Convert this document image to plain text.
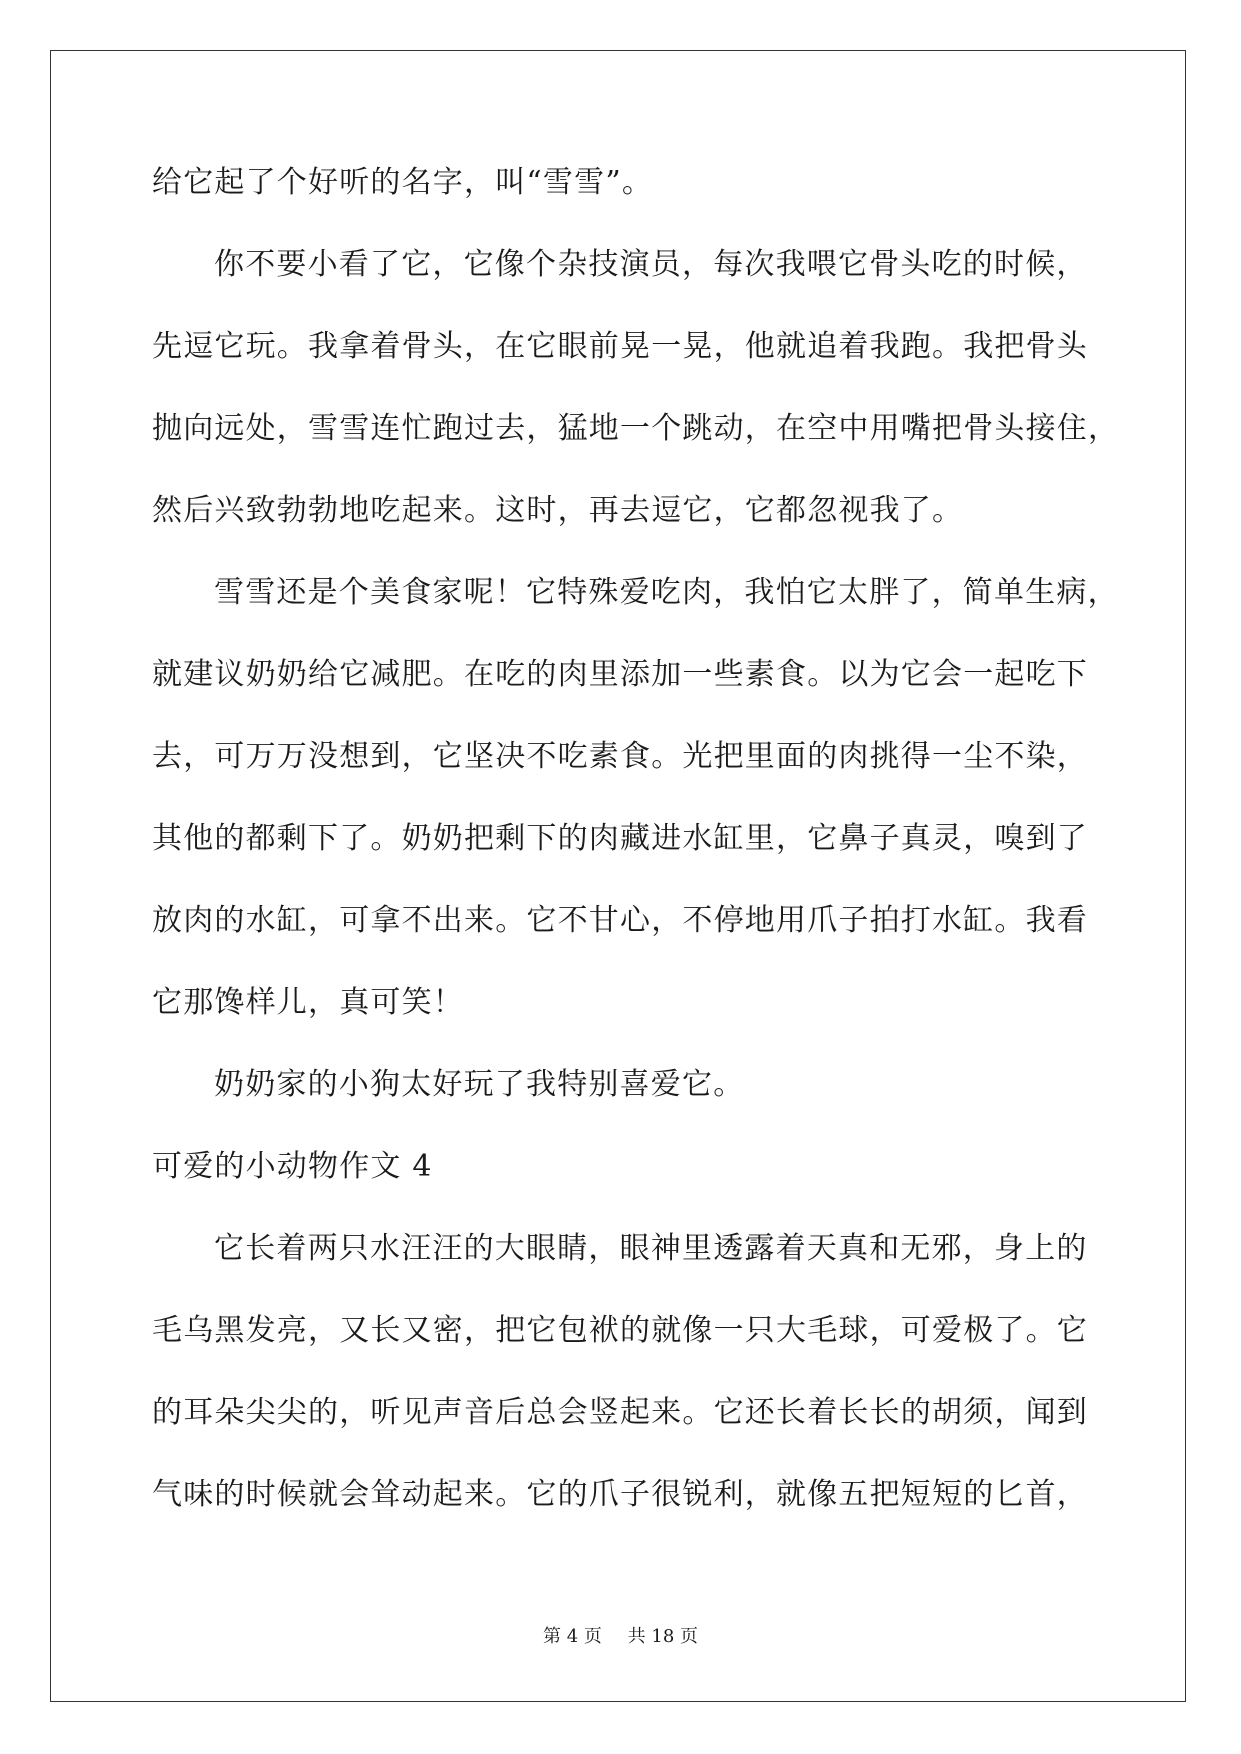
给它起了个好听的名字，叫“雪雪”。
你不要小看了它，它像个杂技演员，每次我喂它骨头吃的时候，
先逗它玩。我拿着骨头，在它眼前晃一晃，他就追着我跑。我把骨头
抛向远处，雪雪连忙跑过去，猛地一个跳动，在空中用嘴把骨头接住，
然后兴致勃勃地吃起来。这时，再去逗它，它都忽视我了。
雪雪还是个美食家呢！它特殊爱吃肉，我怕它太胖了，简单生病，
就建议奶奶给它减肥。在吃的肉里添加一些素食。以为它会一起吃下
去，可万万没想到，它坚决不吃素食。光把里面的肉挑得一尘不染，
其他的都剩下了。奶奶把剩下的肉藏进水缸里，它鼻子真灵，嗅到了
放肉的水缸，可拿不出来。它不甘心，不停地用爪子拍打水缸。我看
它那馋样儿，真可笑！
奶奶家的小狗太好玩了我特别喜爱它。
可爱的小动物作文 4
它长着两只水汪汪的大眼睛，眼神里透露着天真和无邪，身上的
毛乌黑发亮，又长又密，把它包袱的就像一只大毛球，可爱极了。它
的耳朵尖尖的，听见声音后总会竖起来。它还长着长长的胡须，闻到
气味的时候就会耸动起来。它的爪子很锐利，就像五把短短的匕首，
第 4 页 共 18 页
